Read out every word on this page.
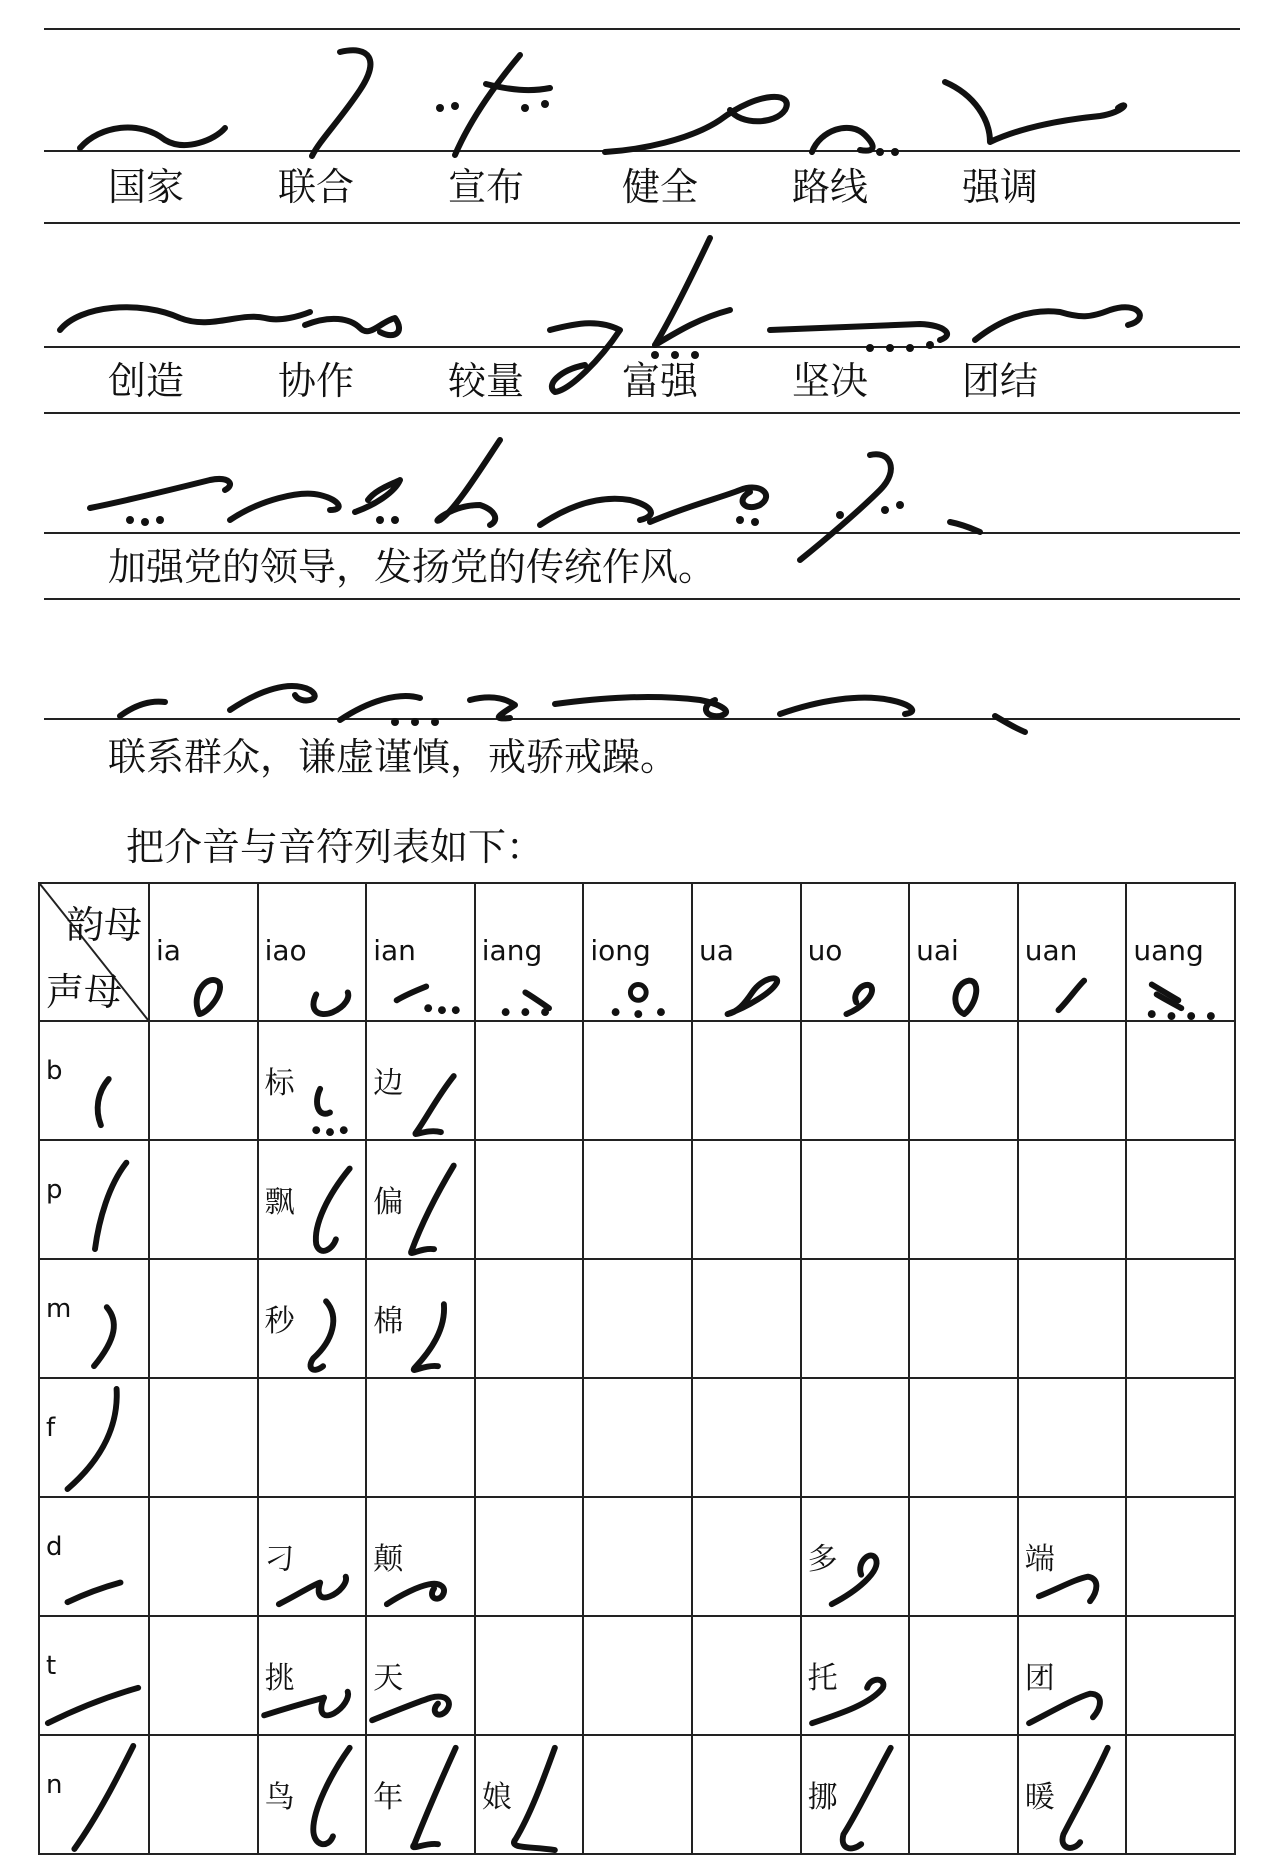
国家 联合 宣布	健全 路线 强调
创造 协作 较量	富强 坚决 团结
加强党的领导，发扬党的传统作风。
联系群众，谦虚谨慎，戒骄戒躁。
把介音与音符列表如下：
韵母
声母	ia	iao	ian	iang	iong	ua	uo	uai	uan	uang

b		标	边							

p		飘	偏							

m		秒	棉							

f										

d		刁	颠				多		端	

t		挑	天				托		团	

n		鸟	年	娘			挪		暖	
